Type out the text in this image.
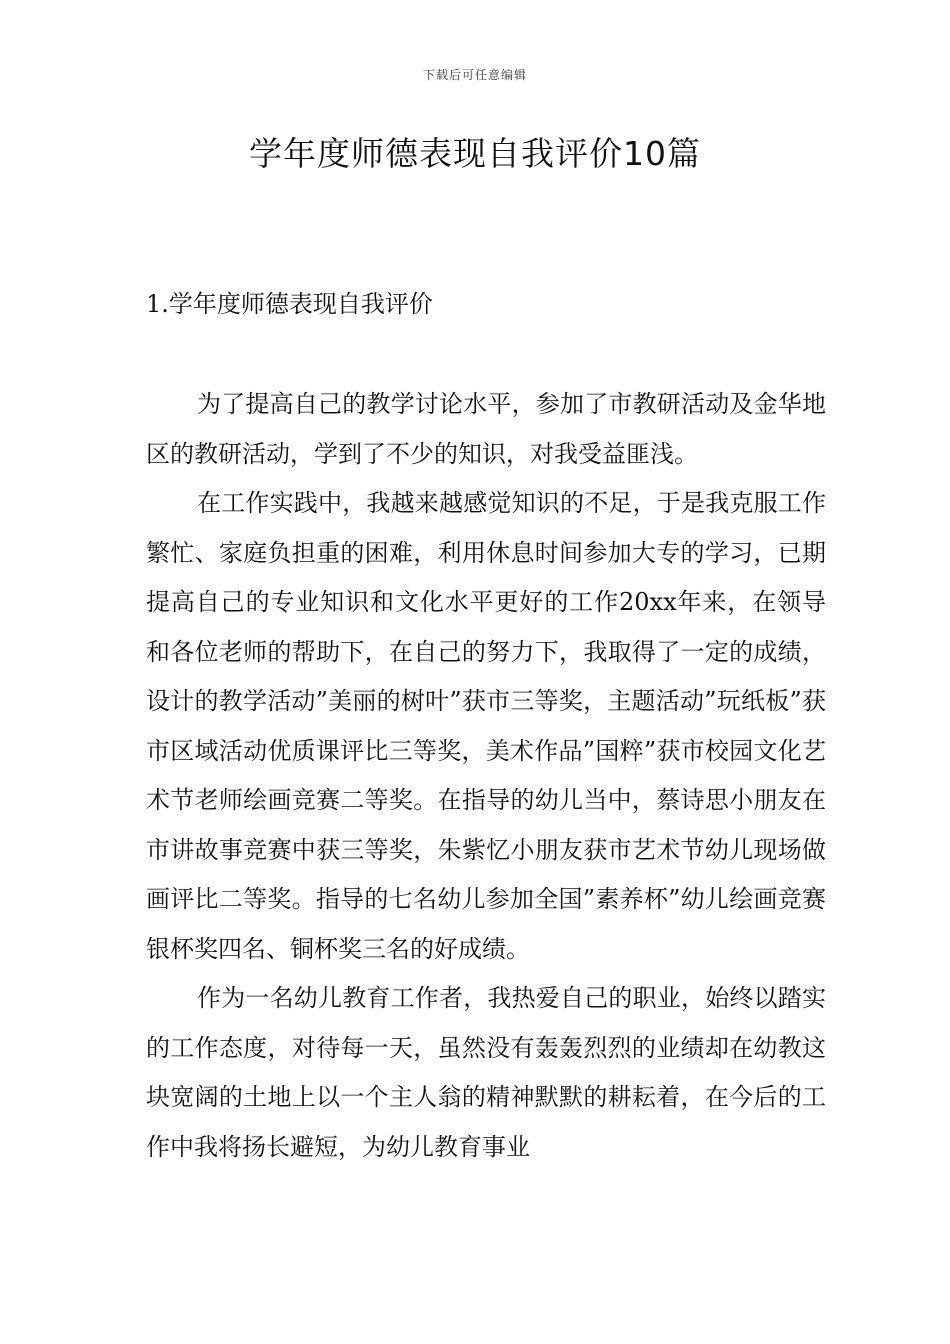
下载后可任意编辑
学年度师德表现自我评价10篇
1.学年度师德表现自我评价

为了提高自己的教学讨论水平，参加了市教研活动及金华地区的教研活动，学到了不少的知识，对我受益匪浅。

在工作实践中，我越来越感觉知识的不足，于是我克服工作繁忙、家庭负担重的困难，利用休息时间参加大专的学习，已期提高自己的专业知识和文化水平更好的工作20xx年来，在领导和各位老师的帮助下，在自己的努力下，我取得了一定的成绩，设计的教学活动”美丽的树叶”获市三等奖，主题活动”玩纸板”获市区域活动优质课评比三等奖，美术作品”国粹”获市校园文化艺术节老师绘画竞赛二等奖。在指导的幼儿当中，蔡诗思小朋友在市讲故事竞赛中获三等奖，朱紫忆小朋友获市艺术节幼儿现场做画评比二等奖。指导的七名幼儿参加全国”素养杯”幼儿绘画竞赛银杯奖四名、铜杯奖三名的好成绩。

作为一名幼儿教育工作者，我热爱自己的职业，始终以踏实的工作态度，对待每一天，虽然没有轰轰烈烈的业绩却在幼教这块宽阔的土地上以一个主人翁的精神默默的耕耘着，在今后的工作中我将扬长避短，为幼儿教育事业
